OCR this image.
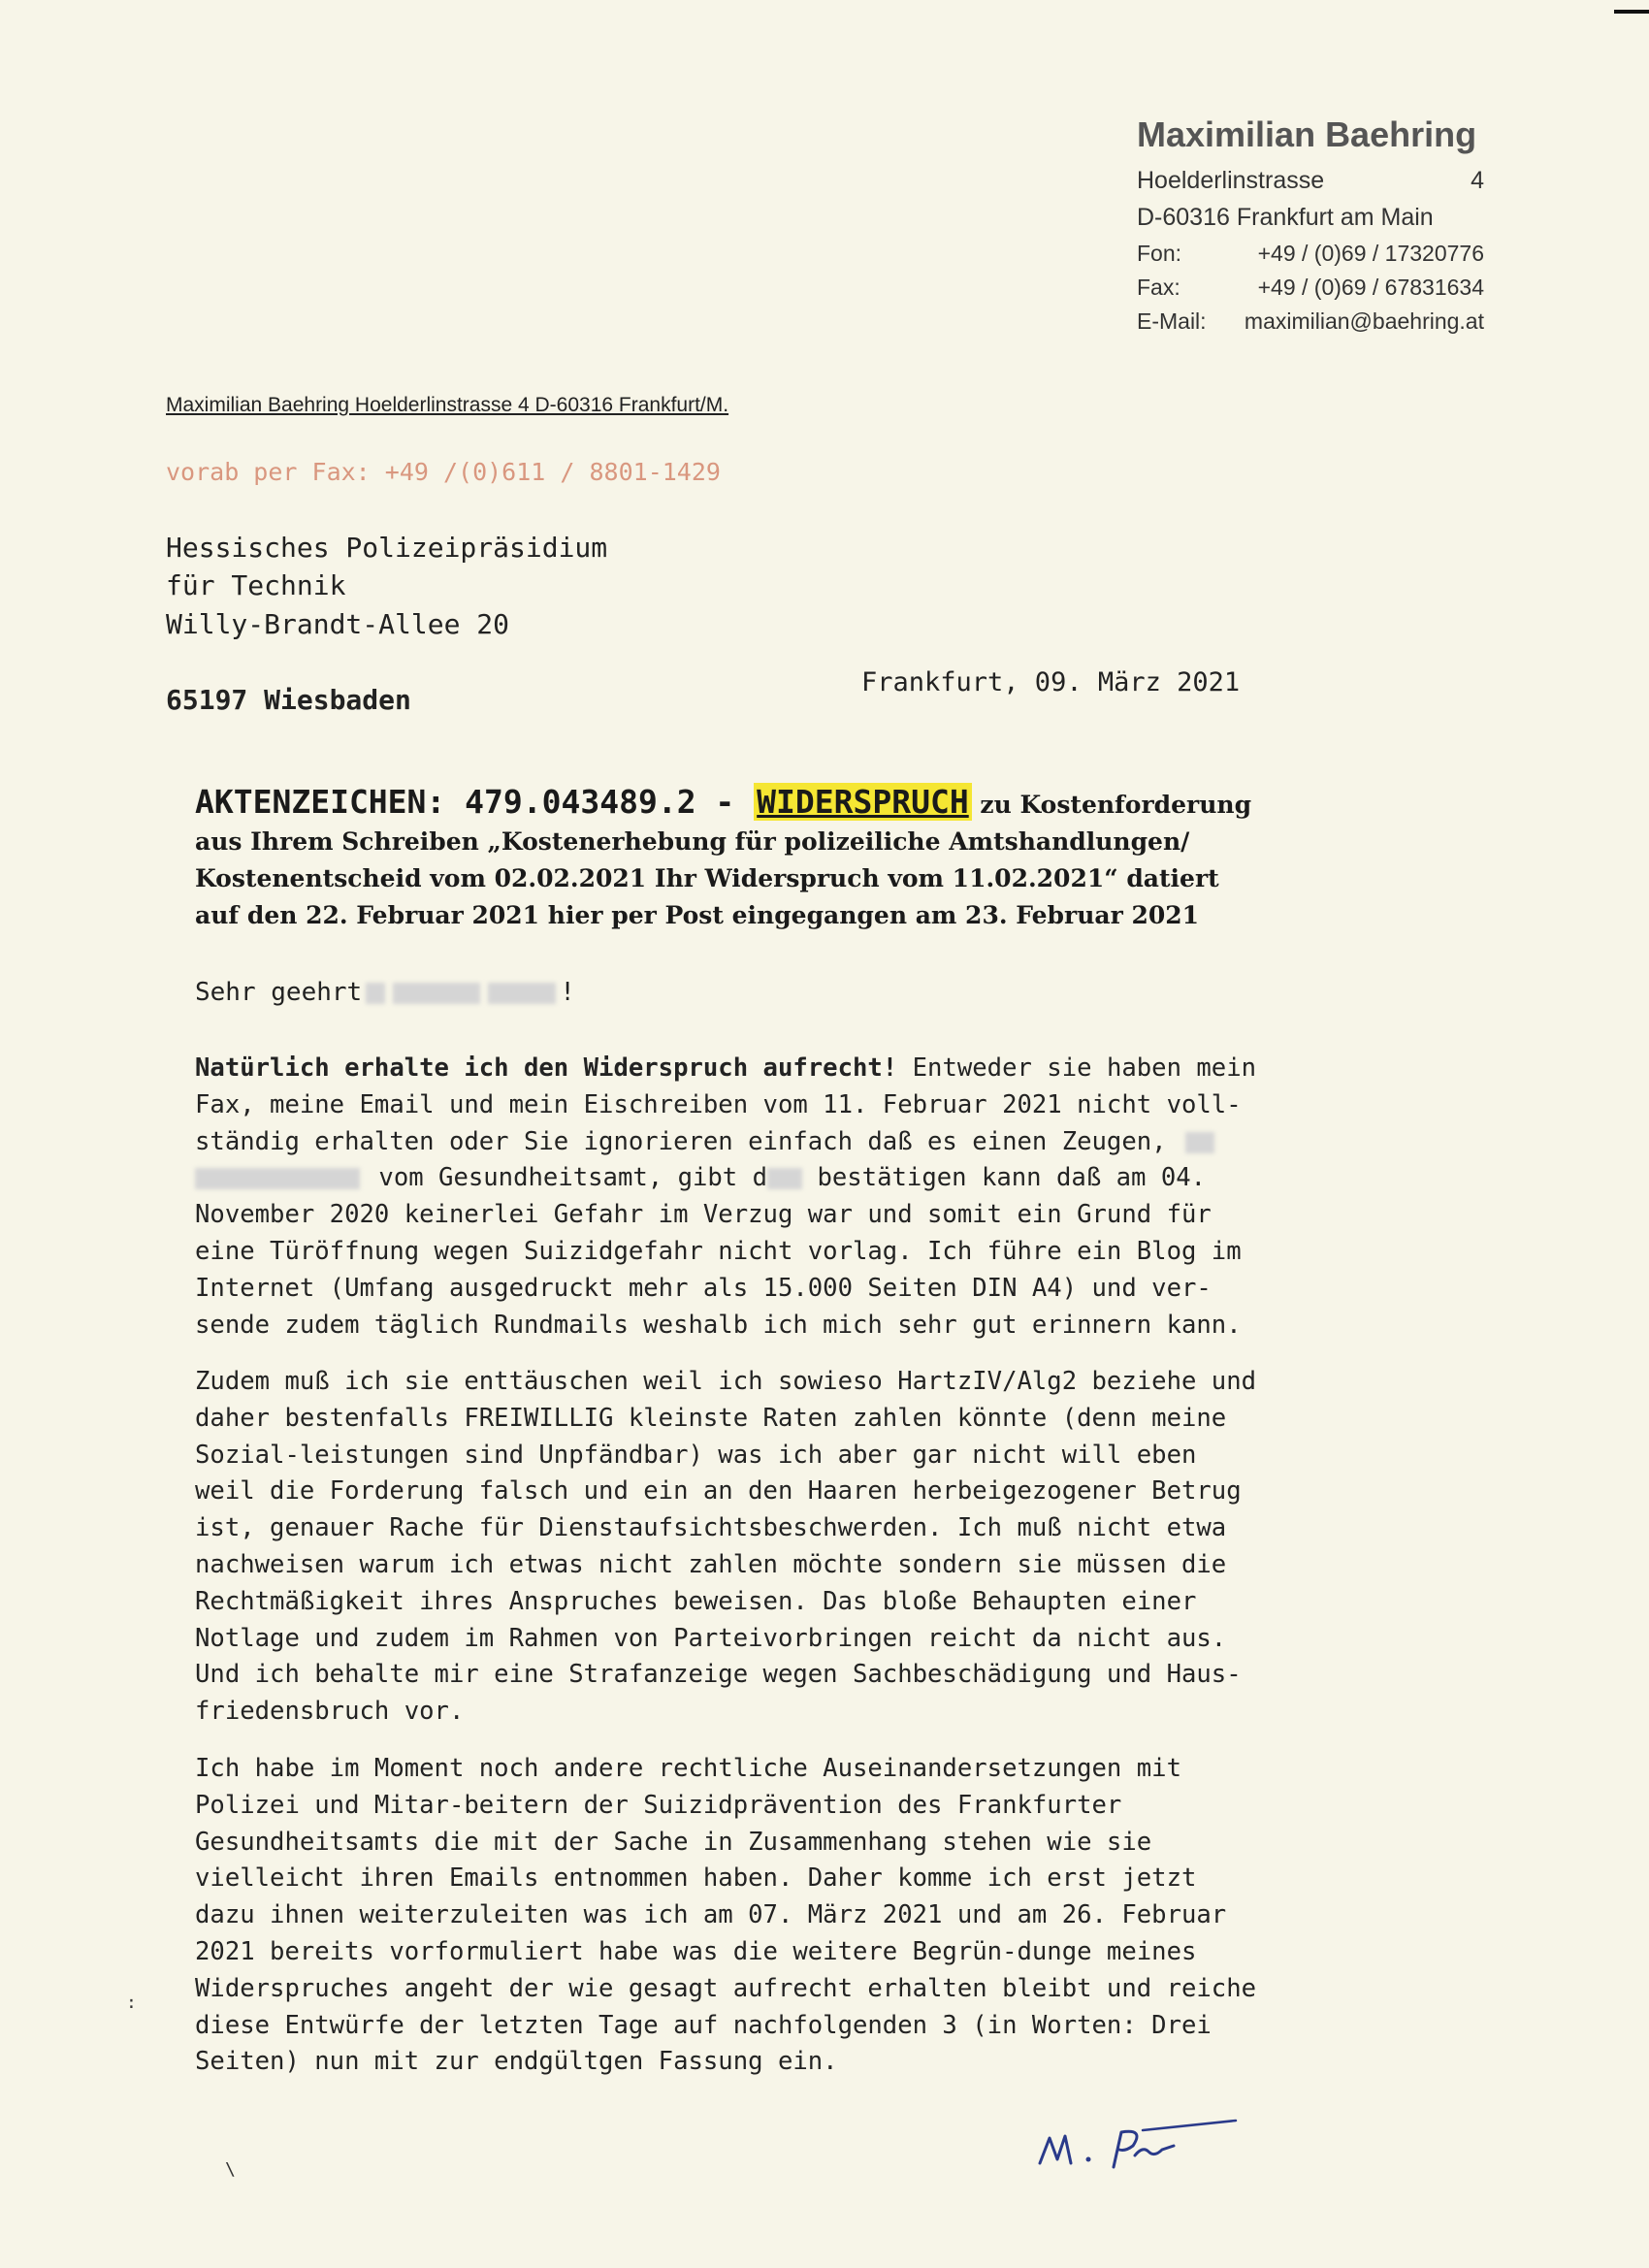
Maximilian Baehring
Hoelderlinstrasse	4
D-60316 Frankfurt am Main
Fon:	+49 / (0)69 / 17320776
Fax:	+49 / (0)69 / 67831634
E-Mail:	maximilian@baehring.at
Maximilian Baehring Hoelderlinstrasse 4 D-60316 Frankfurt/M.
vorab per Fax: +49 /(0)611 / 8801-1429
Hessisches Polizeipräsidium
für Technik
Willy-Brandt-Allee 20
65197 Wiesbaden
Frankfurt, 09. März 2021
AKTENZEICHEN: 479.043489.2 - WIDERSPRUCH zu Kostenforderung
aus Ihrem Schreiben „Kostenerhebung für polizeiliche Amtshandlungen/
Kostenentscheid vom 02.02.2021 Ihr Widerspruch vom 11.02.2021“ datiert
auf den 22. Februar 2021 hier per Post eingegangen am 23. Februar 2021
Sehr geehrt	!
Natürlich erhalte ich den Widerspruch aufrecht! Entweder sie haben mein
Fax, meine Email und mein Eischreiben vom 11. Februar 2021 nicht voll-
ständig erhalten oder Sie ignorieren einfach daß es einen Zeugen,
vom Gesundheitsamt, gibt d bestätigen kann daß am 04.
November 2020 keinerlei Gefahr im Verzug war und somit ein Grund für
eine Türöffnung wegen Suizidgefahr nicht vorlag. Ich führe ein Blog im
Internet (Umfang ausgedruckt mehr als 15.000 Seiten DIN A4) und ver-
sende zudem täglich Rundmails weshalb ich mich sehr gut erinnern kann.
Zudem muß ich sie enttäuschen weil ich sowieso HartzIV/Alg2 beziehe und
daher bestenfalls FREIWILLIG kleinste Raten zahlen könnte (denn meine
Sozial-leistungen sind Unpfändbar) was ich aber gar nicht will eben
weil die Forderung falsch und ein an den Haaren herbeigezogener Betrug
ist, genauer Rache für Dienstaufsichtsbeschwerden. Ich muß nicht etwa
nachweisen warum ich etwas nicht zahlen möchte sondern sie müssen die
Rechtmäßigkeit ihres Anspruches beweisen. Das bloße Behaupten einer
Notlage und zudem im Rahmen von Parteivorbringen reicht da nicht aus.
Und ich behalte mir eine Strafanzeige wegen Sachbeschädigung und Haus-
friedensbruch vor.
Ich habe im Moment noch andere rechtliche Auseinandersetzungen mit
Polizei und Mitar-beitern der Suizidprävention des Frankfurter
Gesundheitsamts die mit der Sache in Zusammenhang stehen wie sie
vielleicht ihren Emails entnommen haben. Daher komme ich erst jetzt
dazu ihnen weiterzuleiten was ich am 07. März 2021 und am 26. Februar
2021 bereits vorformuliert habe was die weitere Begrün-dunge meines
Widerspruches angeht der wie gesagt aufrecht erhalten bleibt und reiche
diese Entwürfe der letzten Tage auf nachfolgenden 3 (in Worten: Drei
Seiten) nun mit zur endgültgen Fassung ein.
:
\
